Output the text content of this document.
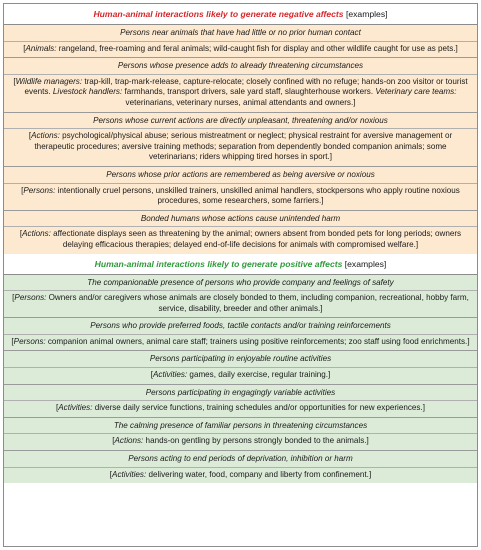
Human-animal interactions likely to generate negative affects [examples]
Persons near animals that have had little or no prior human contact
[Animals: rangeland, free-roaming and feral animals; wild-caught fish for display and other wildlife caught for use as pets.]
Persons whose presence adds to already threatening circumstances
[Wildlife managers: trap-kill, trap-mark-release, capture-relocate; closely confined with no refuge; hands-on zoo visitor or tourist events. Livestock handlers: farmhands, transport drivers, sale yard staff, slaughterhouse workers. Veterinary care teams: veterinarians, veterinary nurses, animal attendants and owners.]
Persons whose current actions are directly unpleasant, threatening and/or noxious
[Actions: psychological/physical abuse; serious mistreatment or neglect; physical restraint for aversive management or therapeutic procedures; aversive training methods; separation from dependently bonded companion animals; some veterinarians; riders whipping tired horses in sport.]
Persons whose prior actions are remembered as being aversive or noxious
[Persons: intentionally cruel persons, unskilled trainers, unskilled animal handlers, stockpersons who apply routine noxious procedures, some researchers, some farriers.]
Bonded humans whose actions cause unintended harm
[Actions: affectionate displays seen as threatening by the animal; owners absent from bonded pets for long periods; owners delaying efficacious therapies; delayed end-of-life decisions for animals with compromised welfare.]
Human-animal interactions likely to generate positive affects [examples]
The companionable presence of persons who provide company and feelings of safety
[Persons: Owners and/or caregivers whose animals are closely bonded to them, including companion, recreational, hobby farm, service, disability, breeder and other animals.]
Persons who provide preferred foods, tactile contacts and/or training reinforcements
[Persons: companion animal owners, animal care staff; trainers using positive reinforcements; zoo staff using food enrichments.]
Persons participating in enjoyable routine activities
[Activities: games, daily exercise, regular training.]
Persons participating in engagingly variable activities
[Activities: diverse daily service functions, training schedules and/or opportunities for new experiences.]
The calming presence of familiar persons in threatening circumstances
[Actions: hands-on gentling by persons strongly bonded to the animals.]
Persons acting to end periods of deprivation, inhibition or harm
[Activities: delivering water, food, company and liberty from confinement.]
